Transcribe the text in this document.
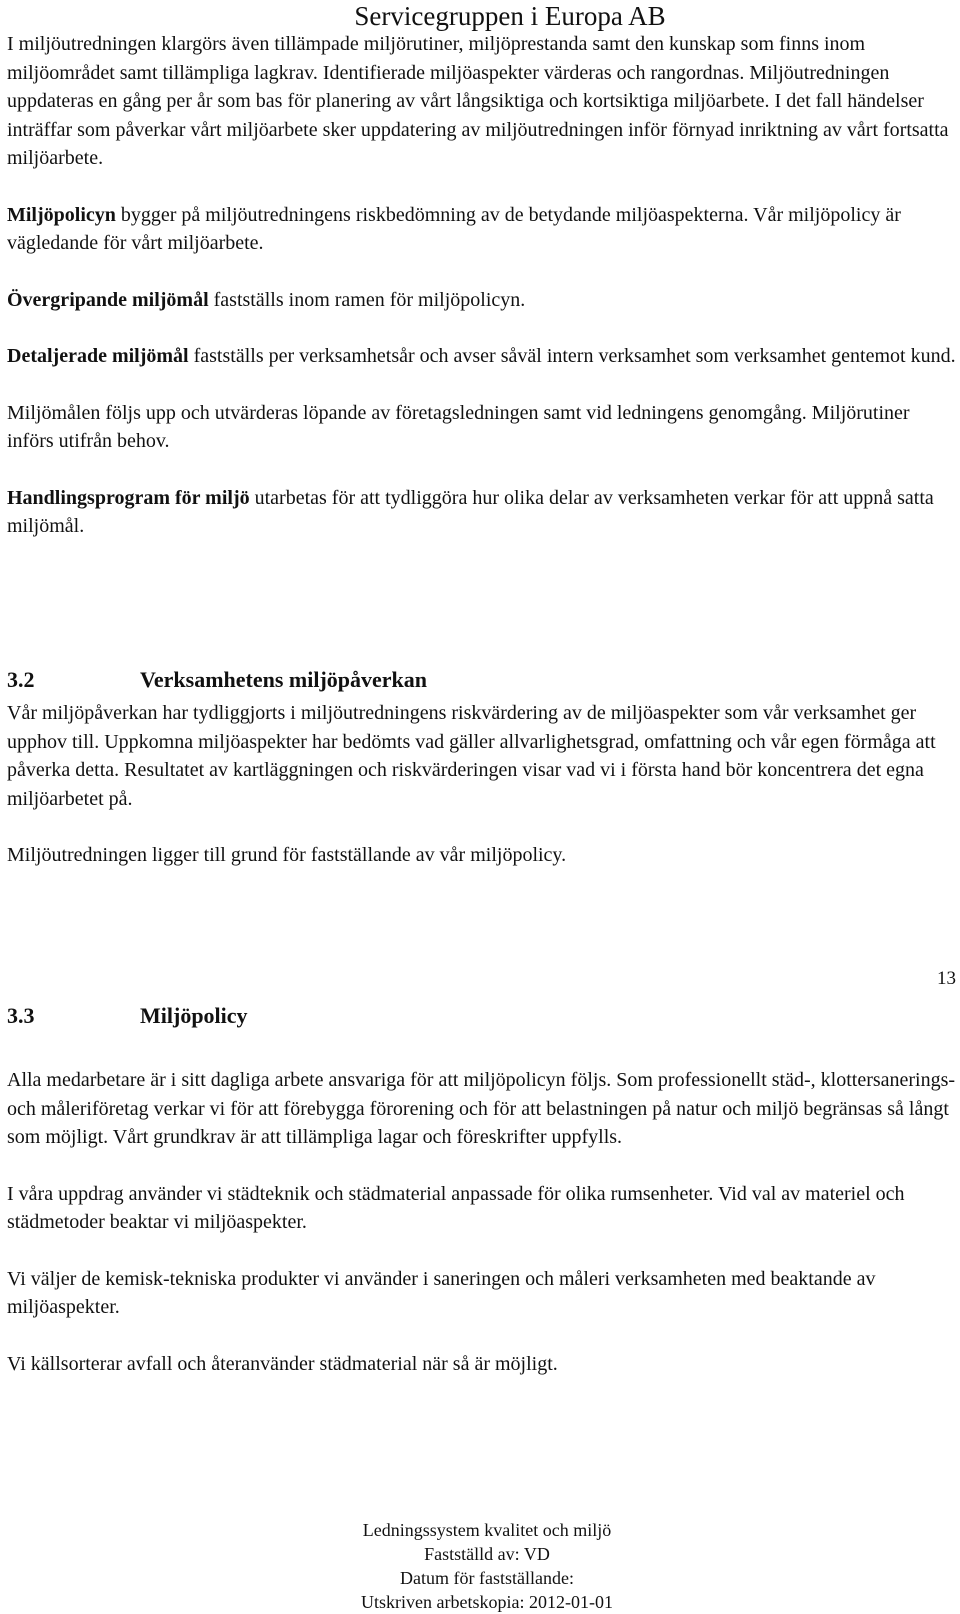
Servicegruppen i Europa AB

I miljöutredningen klargörs även tillämpade miljörutiner, miljöprestanda samt den kunskap som finns inom miljöområdet samt tillämpliga lagkrav. Identifierade miljöaspekter värderas och rangordnas. Miljöutredningen uppdateras en gång per år som bas för planering av vårt långsiktiga och kortsiktiga miljöarbete. I det fall händelser inträffar som påverkar vårt miljöarbete sker uppdatering av miljöutredningen inför förnyad inriktning av vårt fortsatta miljöarbete.

Miljöpolicyn bygger på miljöutredningens riskbedömning av de betydande miljöaspekterna. Vår miljöpolicy är vägledande för vårt miljöarbete.

Övergripande miljömål fastställs inom ramen för miljöpolicyn.

Detaljerade miljömål fastställs per verksamhetsår och avser såväl intern verksamhet som verksamhet gentemot kund.

Miljömålen följs upp och utvärderas löpande av företagsledningen samt vid ledningens genomgång. Miljörutiner införs utifrån behov.

Handlingsprogram för miljö utarbetas för att tydliggöra hur olika delar av verksamheten verkar för att uppnå satta miljömål.

3.2	Verksamhetens miljöpåverkan

Vår miljöpåverkan har tydliggjorts i miljöutredningens riskvärdering av de miljöaspekter som vår verksamhet ger upphov till. Uppkomna miljöaspekter har bedömts vad gäller allvarlighetsgrad, omfattning och vår egen förmåga att påverka detta. Resultatet av kartläggningen och riskvärderingen visar vad vi i första hand bör koncentrera det egna miljöarbetet på.

Miljöutredningen ligger till grund för fastställande av vår miljöpolicy.

13
3.3	Miljöpolicy

Alla medarbetare är i sitt dagliga arbete ansvariga för att miljöpolicyn följs. Som professionellt städ-, klottersanerings- och måleriföretag verkar vi för att förebygga förorening och för att belastningen på natur och miljö begränsas så långt som möjligt. Vårt grundkrav är att tillämpliga lagar och föreskrifter uppfylls.

I våra uppdrag använder vi städteknik och städmaterial anpassade för olika rumsenheter. Vid val av materiel och städmetoder beaktar vi miljöaspekter.

Vi väljer de kemisk-tekniska produkter vi använder i saneringen och måleri verksamheten med beaktande av miljöaspekter.

Vi källsorterar avfall och återanvänder städmaterial när så är möjligt.

Ledningssystem kvalitet och miljö
Fastställd av: VD
Datum för fastställande:
Utskriven arbetskopia: 2012-01-01
